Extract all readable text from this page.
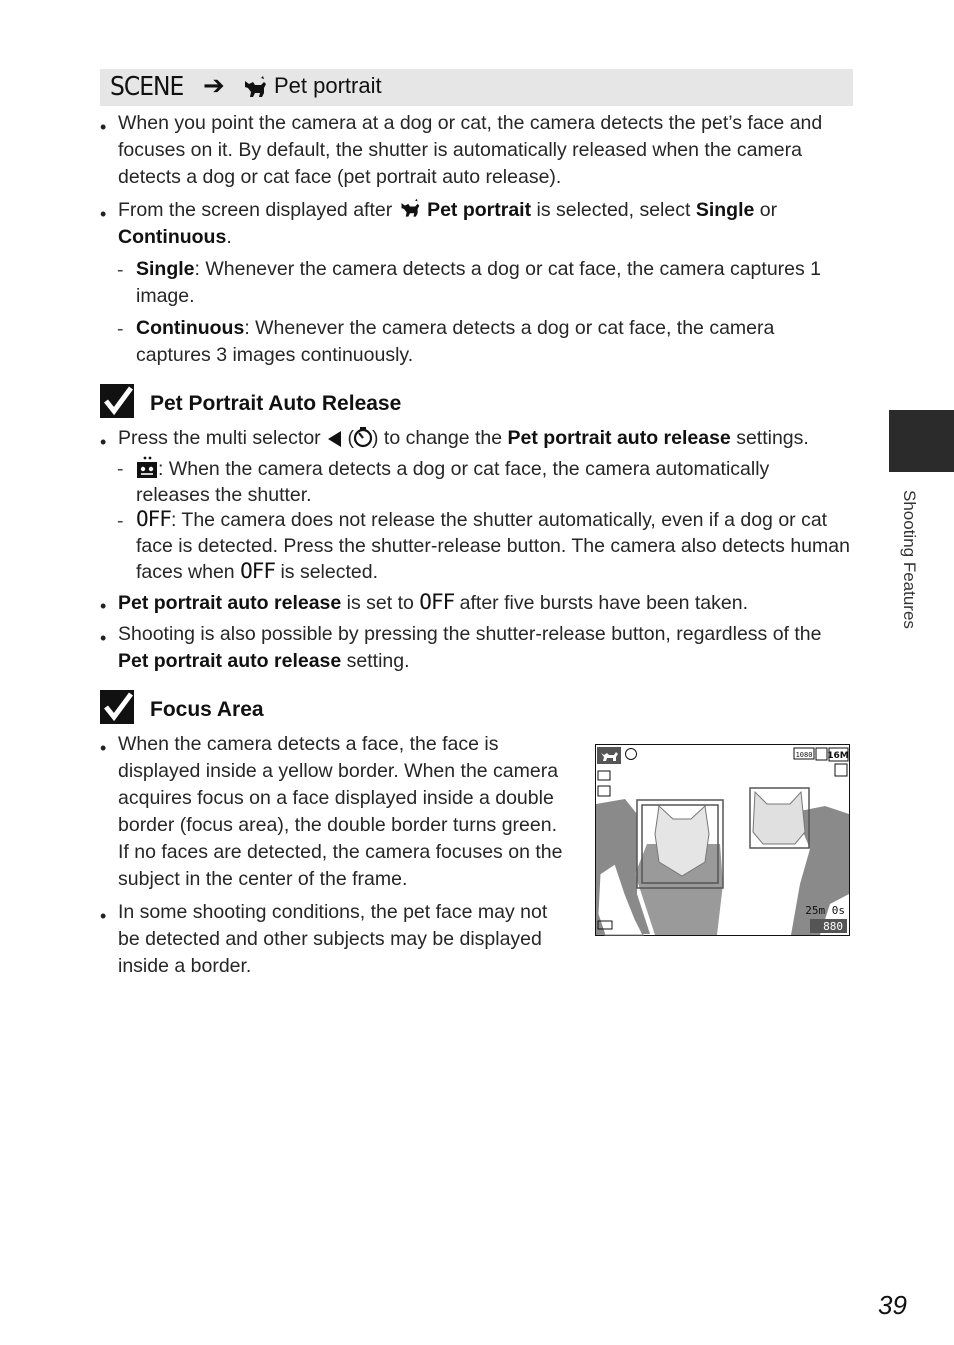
SCENE ➔ Pet portrait
• When you point the camera at a dog or cat, the camera detects the pet’s face and focuses on it. By default, the shutter is automatically released when the camera detects a dog or cat face (pet portrait auto release).
• From the screen displayed after Pet portrait is selected, select Single or
Continuous.
- Single: Whenever the camera detects a dog or cat face, the camera captures 1 image.
- Continuous: Whenever the camera detects a dog or cat face, the camera captures 3 images continuously.
Pet Portrait Auto Release
• Press the multi selector ( ) to change the Pet portrait auto release settings.
-	: When the camera detects a dog or cat face, the camera automatically releases the shutter.
- OFF: The camera does not release the shutter automatically, even if a dog or cat face is detected. Press the shutter-release button. The camera also detects human faces when OFF is selected.
• Pet portrait auto release is set to OFF after five bursts have been taken.
• Shooting is also possible by pressing the shutter-release button, regardless of the
Pet portrait auto release setting.
Focus Area
• When the camera detects a face, the face is displayed inside a yellow border. When the camera acquires focus on a face displayed inside a double border (focus area), the double border turns green. If no faces are detected, the camera focuses on the subject in the center of the frame.
• In some shooting conditions, the pet face may not be detected and other subjects may be displayed inside a border.
1080 16M
25m 0s
880
Shooting Features
39
